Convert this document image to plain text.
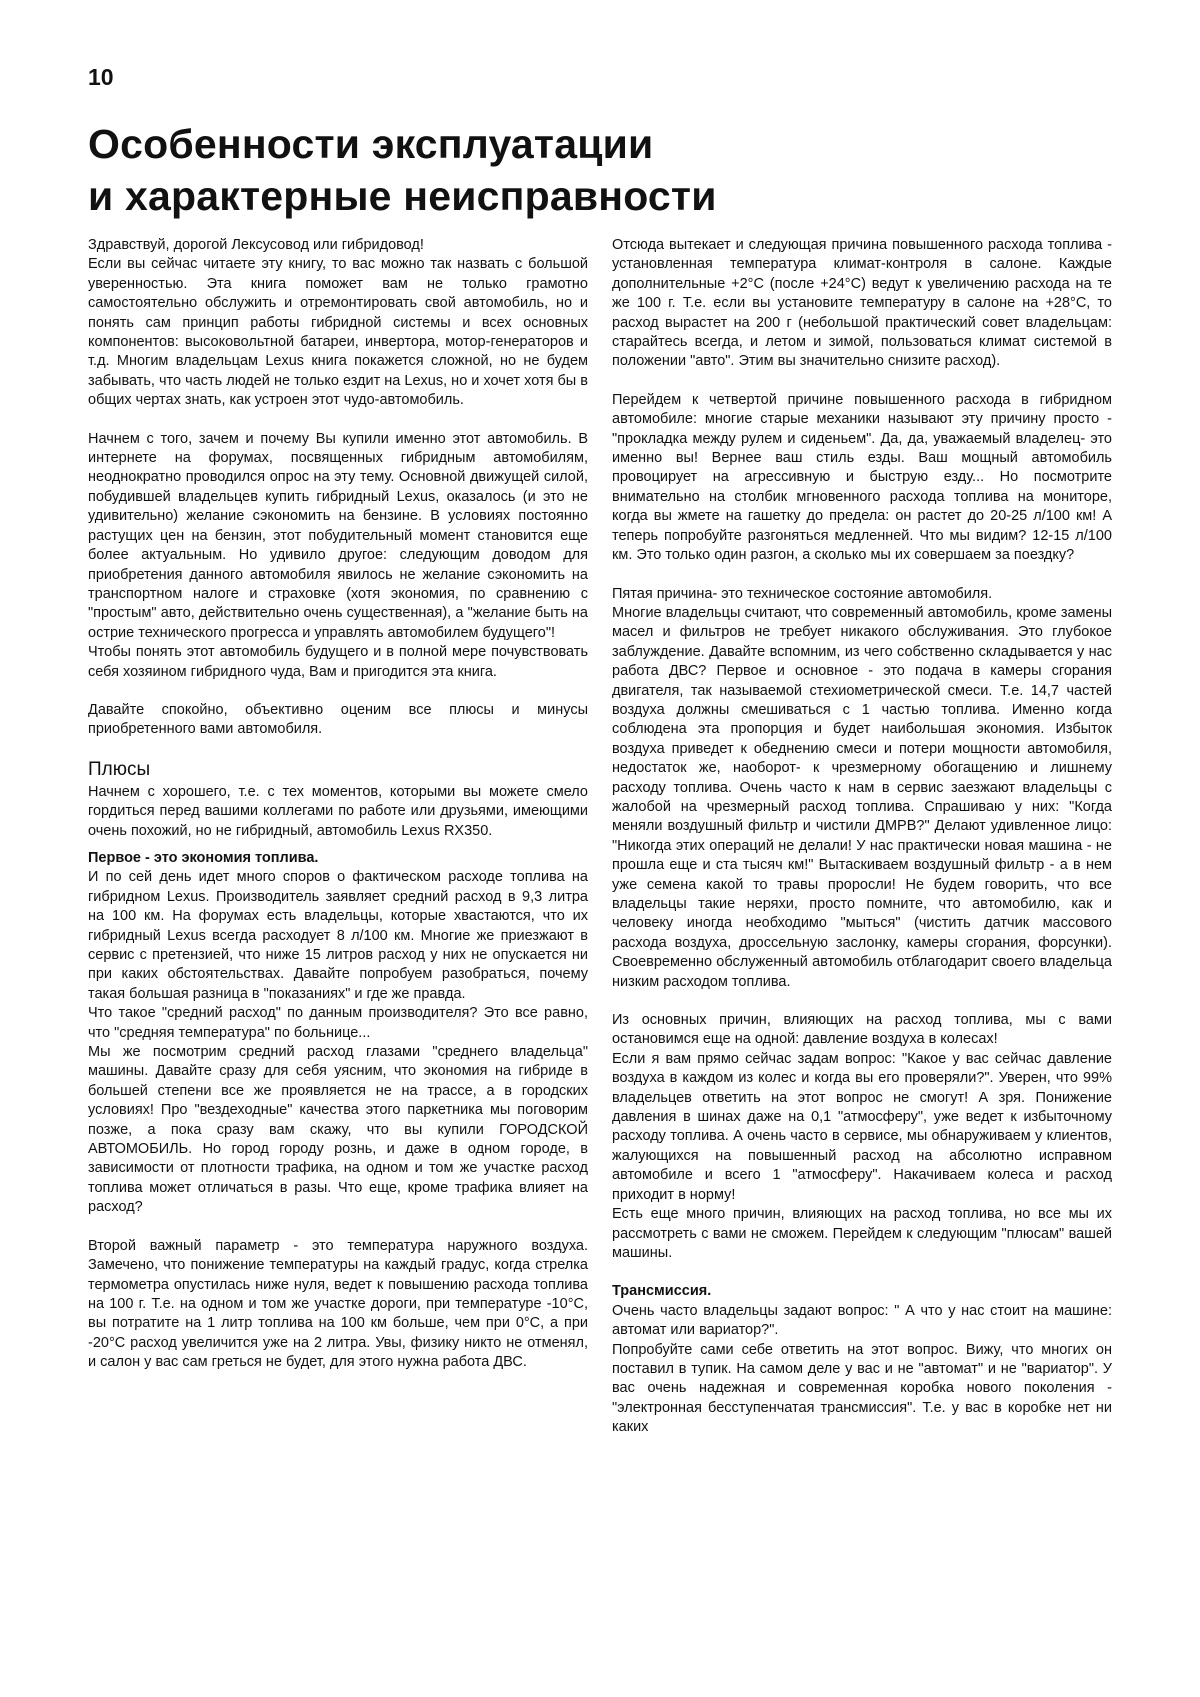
10
Особенности эксплуатации
и характерные неисправности

Здравствуй, дорогой Лексусовод или гибридовод!

Если вы сейчас читаете эту книгу, то вас можно так назвать с большой уверенностью. Эта книга поможет вам не только грамотно самостоятельно обслужить и отремонтировать свой автомобиль, но и понять сам принцип работы гибридной системы и всех основных компонентов: высоковольтной батареи, инвертора, мотор-генераторов и т.д. Многим владельцам Lexus книга покажется сложной, но не будем забывать, что часть людей не только ездит на Lexus, но и хочет хотя бы в общих чертах знать, как устроен этот чудо-автомобиль.

Начнем с того, зачем и почему Вы купили именно этот автомобиль. В интернете на форумах, посвященных гибридным автомобилям, неоднократно проводился опрос на эту тему. Основной движущей силой, побудившей владельцев купить гибридный Lexus, оказалось (и это не удивительно) желание сэкономить на бензине. В условиях постоянно растущих цен на бензин, этот побудительный момент становится еще более актуальным. Но удивило другое: следующим доводом для приобретения данного автомобиля явилось не желание сэкономить на транспортном налоге и страховке (хотя экономия, по сравнению с "простым" авто, действительно очень существенная), а "желание быть на острие технического прогресса и управлять автомобилем будущего"!

Чтобы понять этот автомобиль будущего и в полной мере почувствовать себя хозяином гибридного чуда, Вам и пригодится эта книга.

Давайте спокойно, объективно оценим все плюсы и минусы приобретенного вами автомобиля.

Плюсы

Начнем с хорошего, т.е. с тех моментов, которыми вы можете смело гордиться перед вашими коллегами по работе или друзьями, имеющими очень похожий, но не гибридный, автомобиль Lexus RX350.

Первое - это экономия топлива.

И по сей день идет много споров о фактическом расходе топлива на гибридном Lexus. Производитель заявляет средний расход в 9,3 литра на 100 км. На форумах есть владельцы, которые хвастаются, что их гибридный Lexus всегда расходует 8 л/100 км. Многие же приезжают в сервис с претензией, что ниже 15 литров расход у них не опускается ни при каких обстоятельствах. Давайте попробуем разобраться, почему такая большая разница в "показаниях" и где же правда.

Что такое "средний расход" по данным производителя? Это все равно, что "средняя температура" по больнице...

Мы же посмотрим средний расход глазами "среднего владельца" машины. Давайте сразу для себя уясним, что экономия на гибриде в большей степени все же проявляется не на трассе, а в городских условиях! Про "вездеходные" качества этого паркетника мы поговорим позже, а пока сразу вам скажу, что вы купили ГОРОДСКОЙ АВТОМОБИЛЬ. Но город городу рознь, и даже в одном городе, в зависимости от плотности трафика, на одном и том же участке расход топлива может отличаться в разы. Что еще, кроме трафика влияет на расход?

Второй важный параметр - это температура наружного воздуха. Замечено, что понижение температуры на каждый градус, когда стрелка термометра опустилась ниже нуля, ведет к повышению расхода топлива на 100 г. Т.е. на одном и том же участке дороги, при температуре -10°С, вы потратите на 1 литр топлива на 100 км больше, чем при 0°С, а при -20°С расход увеличится уже на 2 литра. Увы, физику никто не отменял, и салон у вас сам греться не будет, для этого нужна работа ДВС.

Отсюда вытекает и следующая причина повышенного расхода топлива - установленная температура климат-контроля в салоне. Каждые дополнительные +2°С (после +24°С) ведут к увеличению расхода на те же 100 г. Т.е. если вы установите температуру в салоне на +28°С, то расход вырастет на 200 г (небольшой практический совет владельцам: старайтесь всегда, и летом и зимой, пользоваться климат системой в положении "авто". Этим вы значительно снизите расход).

Перейдем к четвертой причине повышенного расхода в гибридном автомобиле: многие старые механики называют эту причину просто - "прокладка между рулем и сиденьем". Да, да, уважаемый владелец- это именно вы! Вернее ваш стиль езды. Ваш мощный автомобиль провоцирует на агрессивную и быструю езду... Но посмотрите внимательно на столбик мгновенного расхода топлива на мониторе, когда вы жмете на гашетку до предела: он растет до 20-25 л/100 км! А теперь попробуйте разгоняться медленней. Что мы видим? 12-15 л/100 км. Это только один разгон, а сколько мы их совершаем за поездку?

Пятая причина- это техническое состояние автомобиля.

Многие владельцы считают, что современный автомобиль, кроме замены масел и фильтров не требует никакого обслуживания. Это глубокое заблуждение. Давайте вспомним, из чего собственно складывается у нас работа ДВС? Первое и основное - это подача в камеры сгорания двигателя, так называемой стехиометрической смеси. Т.е. 14,7 частей воздуха должны смешиваться с 1 частью топлива. Именно когда соблюдена эта пропорция и будет наибольшая экономия. Избыток воздуха приведет к обеднению смеси и потери мощности автомобиля, недостаток же, наоборот- к чрезмерному обогащению и лишнему расходу топлива. Очень часто к нам в сервис заезжают владельцы с жалобой на чрезмерный расход топлива. Спрашиваю у них: "Когда меняли воздушный фильтр и чистили ДМРВ?" Делают удивленное лицо: "Никогда этих операций не делали! У нас практически новая машина - не прошла еще и ста тысяч км!" Вытаскиваем воздушный фильтр - а в нем уже семена какой то травы проросли! Не будем говорить, что все владельцы такие неряхи, просто помните, что автомобилю, как и человеку иногда необходимо "мыться" (чистить датчик массового расхода воздуха, дроссельную заслонку, камеры сгорания, форсунки). Своевременно обслуженный автомобиль отблагодарит своего владельца низким расходом топлива.

Из основных причин, влияющих на расход топлива, мы с вами остановимся еще на одной: давление воздуха в колесах!

Если я вам прямо сейчас задам вопрос: "Какое у вас сейчас давление воздуха в каждом из колес и когда вы его проверяли?". Уверен, что 99% владельцев ответить на этот вопрос не смогут! А зря. Понижение давления в шинах даже на 0,1 "атмосферу", уже ведет к избыточному расходу топлива. А очень часто в сервисе, мы обнаруживаем у клиентов, жалующихся на повышенный расход на абсолютно исправном автомобиле и всего 1 "атмосферу". Накачиваем колеса и расход приходит в норму!

Есть еще много причин, влияющих на расход топлива, но все мы их рассмотреть с вами не сможем. Перейдем к следующим "плюсам" вашей машины.

Трансмиссия.

Очень часто владельцы задают вопрос: " А что у нас стоит на машине: автомат или вариатор?".

Попробуйте сами себе ответить на этот вопрос. Вижу, что многих он поставил в тупик. На самом деле у вас и не "автомат" и не "вариатор". У вас очень надежная и современная коробка нового поколения - "электронная бесступенчатая трансмиссия". Т.е. у вас в коробке нет ни каких
